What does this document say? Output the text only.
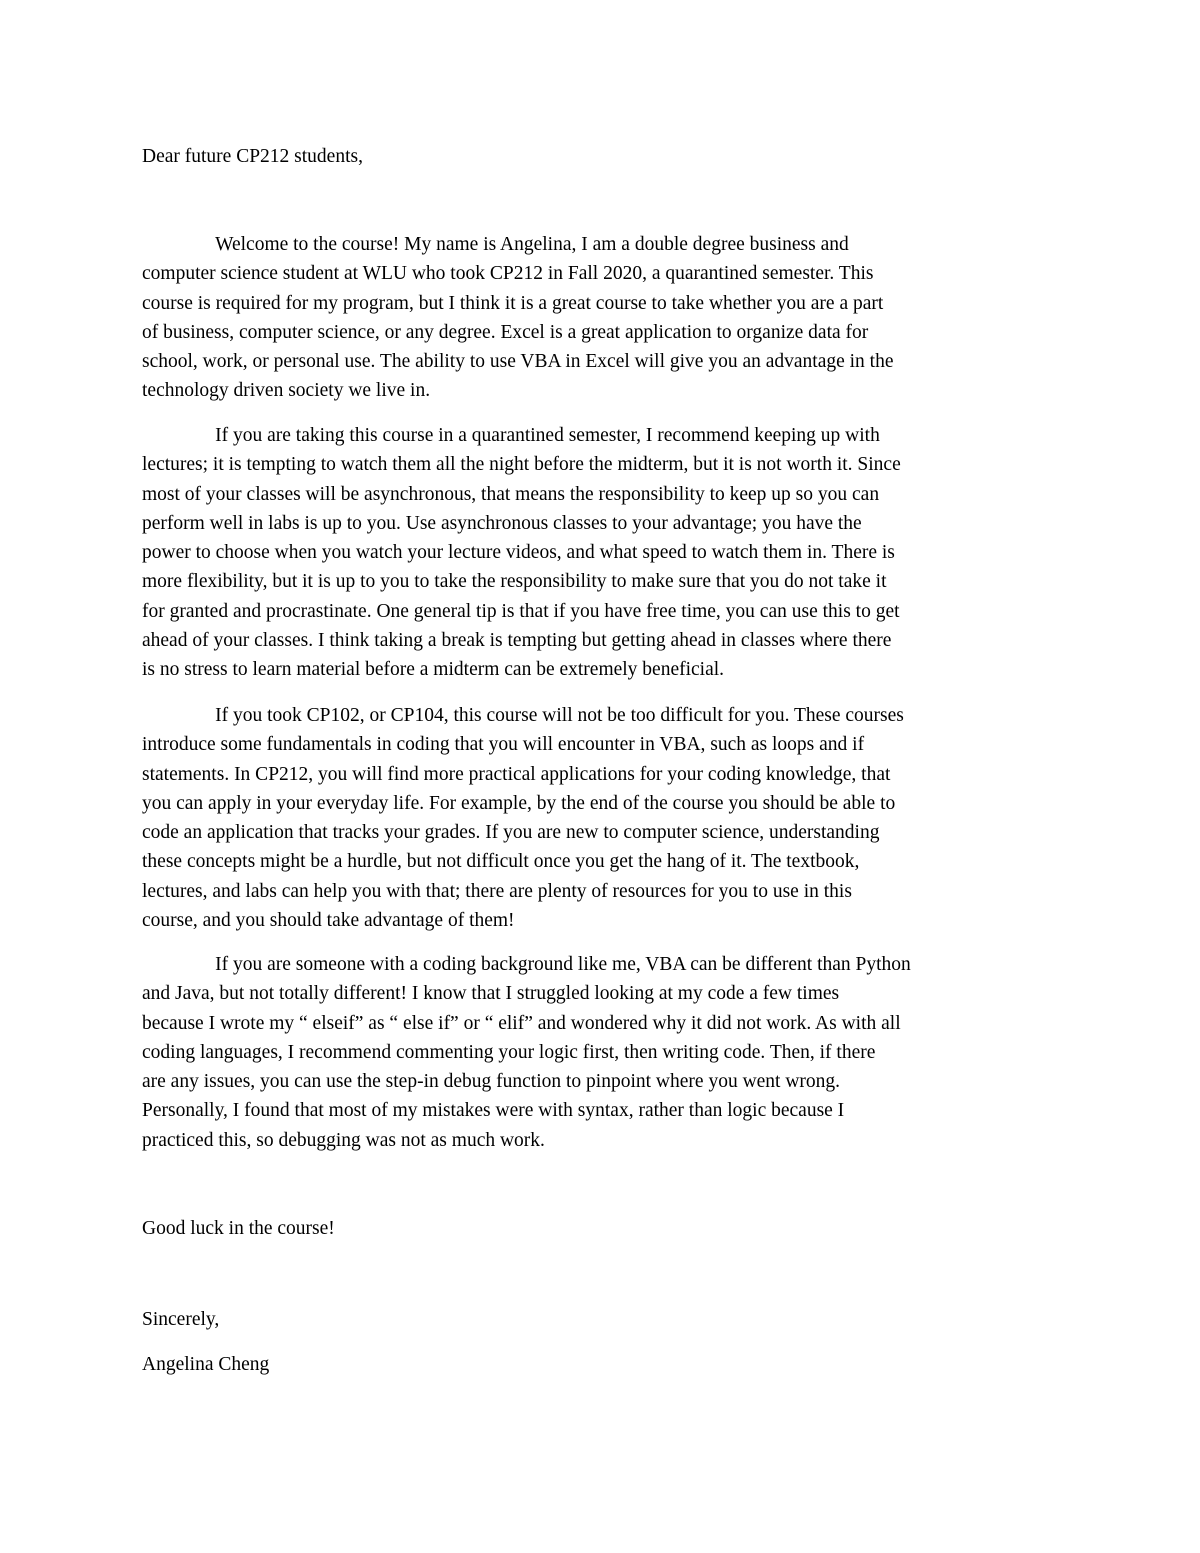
Dear future CP212 students,

Welcome to the course! My name is Angelina, I am a double degree business and
computer science student at WLU who took CP212 in Fall 2020, a quarantined semester. This
course is required for my program, but I think it is a great course to take whether you are a part
of business, computer science, or any degree. Excel is a great application to organize data for
school, work, or personal use. The ability to use VBA in Excel will give you an advantage in the
technology driven society we live in.

If you are taking this course in a quarantined semester, I recommend keeping up with
lectures; it is tempting to watch them all the night before the midterm, but it is not worth it. Since
most of your classes will be asynchronous, that means the responsibility to keep up so you can
perform well in labs is up to you. Use asynchronous classes to your advantage; you have the
power to choose when you watch your lecture videos, and what speed to watch them in. There is
more flexibility, but it is up to you to take the responsibility to make sure that you do not take it
for granted and procrastinate. One general tip is that if you have free time, you can use this to get
ahead of your classes. I think taking a break is tempting but getting ahead in classes where there
is no stress to learn material before a midterm can be extremely beneficial.

If you took CP102, or CP104, this course will not be too difficult for you. These courses
introduce some fundamentals in coding that you will encounter in VBA, such as loops and if
statements. In CP212, you will find more practical applications for your coding knowledge, that
you can apply in your everyday life. For example, by the end of the course you should be able to
code an application that tracks your grades. If you are new to computer science, understanding
these concepts might be a hurdle, but not difficult once you get the hang of it. The textbook,
lectures, and labs can help you with that; there are plenty of resources for you to use in this
course, and you should take advantage of them!

If you are someone with a coding background like me, VBA can be different than Python
and Java, but not totally different! I know that I struggled looking at my code a few times
because I wrote my “ elseif” as “ else if” or “ elif” and wondered why it did not work. As with all
coding languages, I recommend commenting your logic first, then writing code. Then, if there
are any issues, you can use the step-in debug function to pinpoint where you went wrong.
Personally, I found that most of my mistakes were with syntax, rather than logic because I
practiced this, so debugging was not as much work.

Good luck in the course!

Sincerely,

Angelina Cheng
